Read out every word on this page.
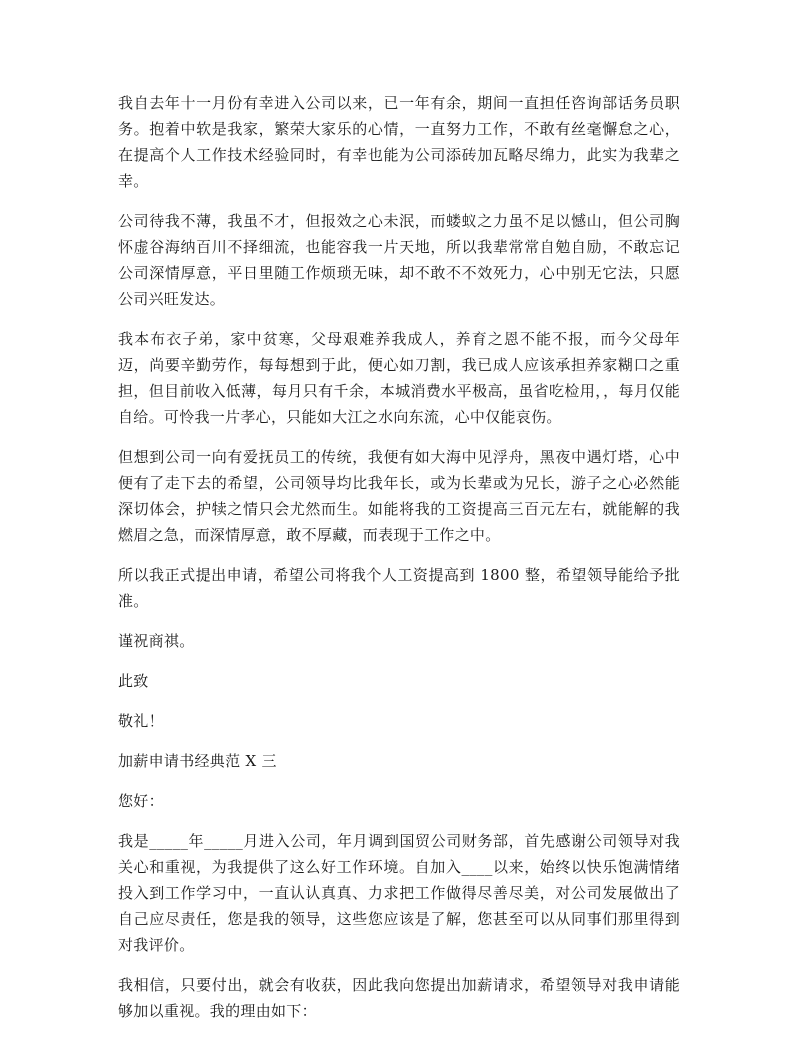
我自去年十一月份有幸进入公司以来，已一年有余，期间一直担任咨询部话务员职务。抱着中软是我家，繁荣大家乐的心情，一直努力工作，不敢有丝毫懈怠之心，在提高个人工作技术经验同时，有幸也能为公司添砖加瓦略尽绵力，此实为我辈之幸。

公司待我不薄，我虽不才，但报效之心未泯，而蝼蚁之力虽不足以憾山，但公司胸怀虚谷海纳百川不择细流，也能容我一片天地，所以我辈常常自勉自励，不敢忘记公司深情厚意，平日里随工作烦琐无味，却不敢不不效死力，心中别无它法，只愿公司兴旺发达。

我本布衣子弟，家中贫寒，父母艰难养我成人，养育之恩不能不报，而今父母年迈，尚要辛勤劳作，每每想到于此，便心如刀割，我已成人应该承担养家糊口之重担，但目前收入低薄，每月只有千余，本城消费水平极高，虽省吃检用，，每月仅能自给。可怜我一片孝心，只能如大江之水向东流，心中仅能哀伤。

但想到公司一向有爱抚员工的传统，我便有如大海中见浮舟，黑夜中遇灯塔，心中便有了走下去的希望，公司领导均比我年长，或为长辈或为兄长，游子之心必然能深切体会，护犊之情只会尤然而生。如能将我的工资提高三百元左右，就能解的我燃眉之急，而深情厚意，敢不厚藏，而表现于工作之中。

所以我正式提出申请，希望公司将我个人工资提高到 1800 整，希望领导能给予批准。

谨祝商祺。

此致

敬礼！

加薪申请书经典范 X 三

您好：

我是_____年_____月进入公司，年月调到国贸公司财务部，首先感谢公司领导对我关心和重视，为我提供了这么好工作环境。自加入____以来，始终以快乐饱满情绪投入到工作学习中，一直认认真真、力求把工作做得尽善尽美，对公司发展做出了自己应尽责任，您是我的领导，这些您应该是了解，您甚至可以从同事们那里得到对我评价。

我相信，只要付出，就会有收获，因此我向您提出加薪请求，希望领导对我申请能够加以重视。我的理由如下：
